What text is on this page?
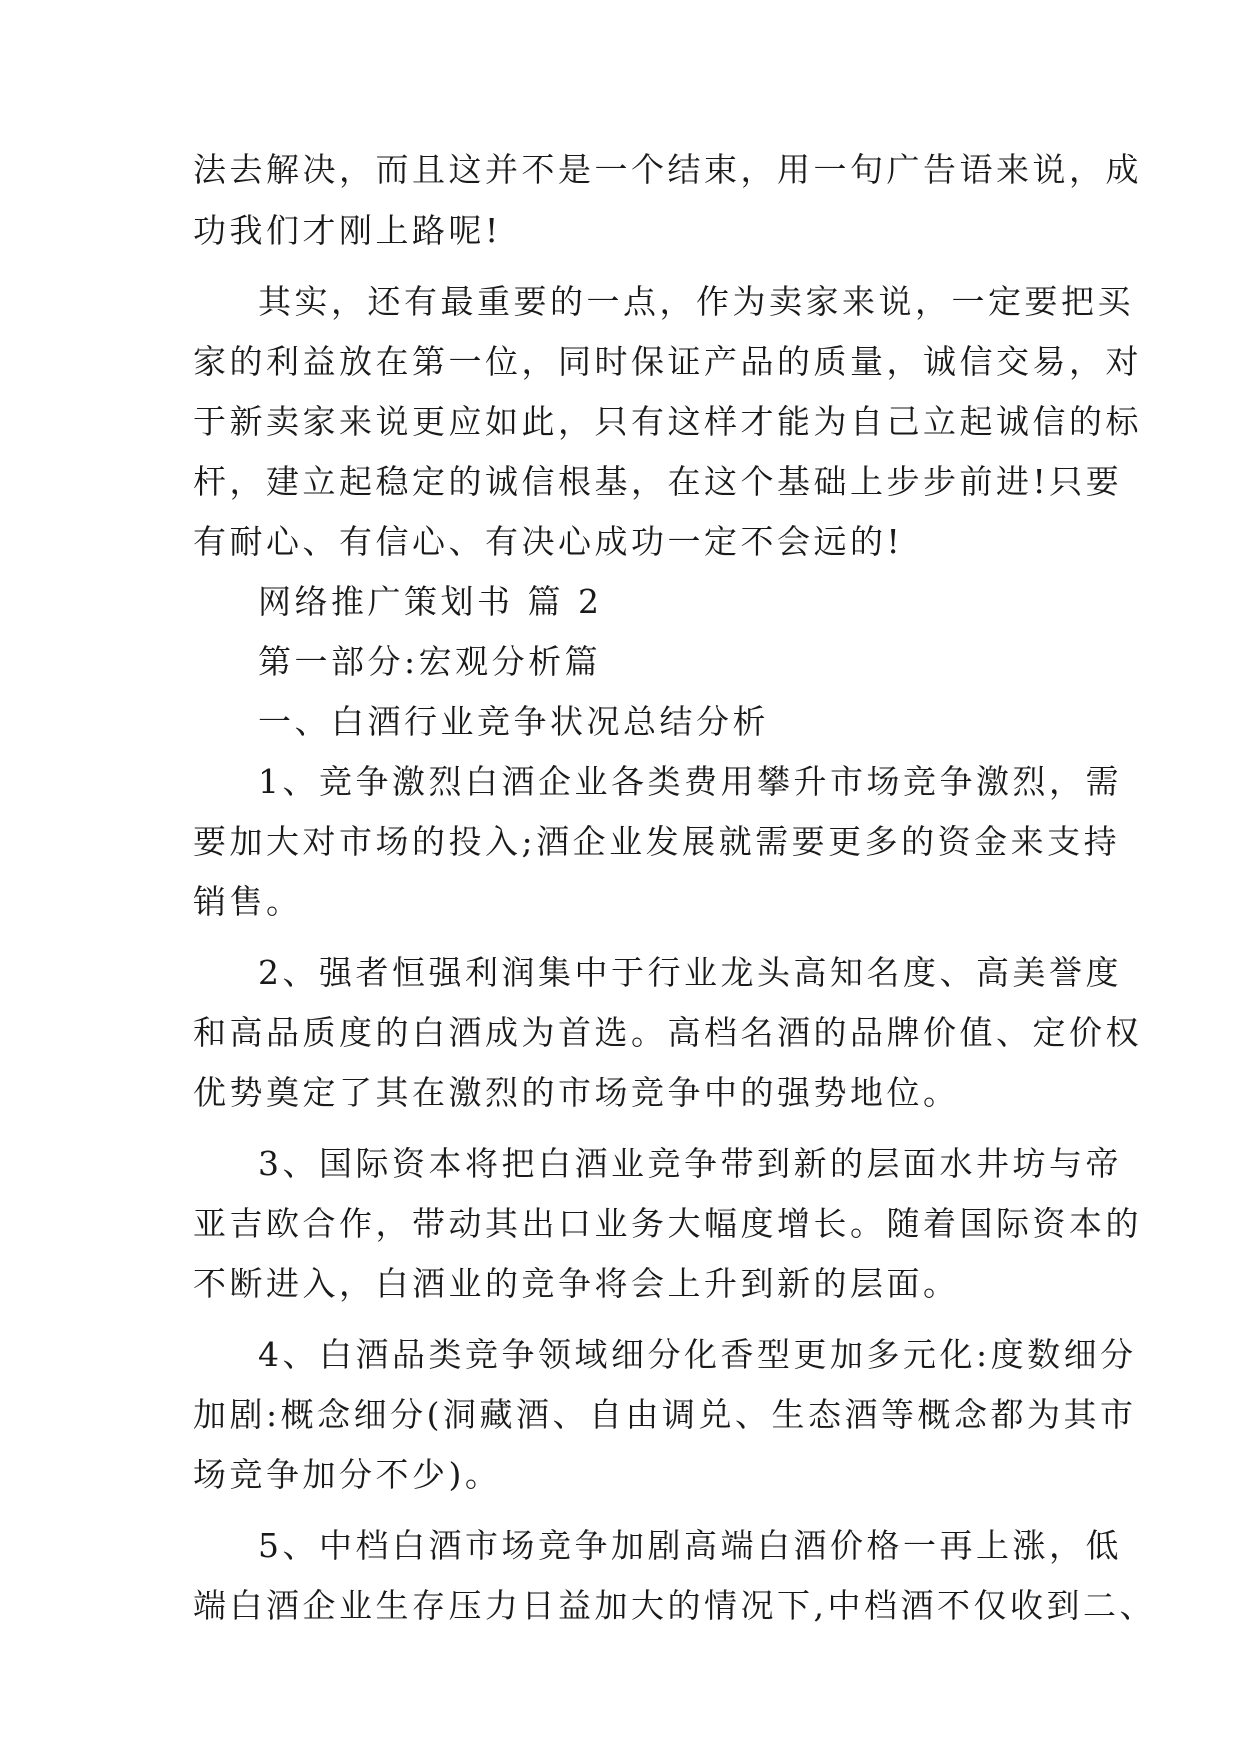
法去解决，而且这并不是一个结束，用一句广告语来说，成
功我们才刚上路呢!
其实，还有最重要的一点，作为卖家来说，一定要把买
家的利益放在第一位，同时保证产品的质量，诚信交易，对
于新卖家来说更应如此，只有这样才能为自己立起诚信的标
杆，建立起稳定的诚信根基，在这个基础上步步前进!只要
有耐心、有信心、有决心成功一定不会远的!
网络推广策划书 篇 2
第一部分:宏观分析篇
一、白酒行业竞争状况总结分析
1、竞争激烈白酒企业各类费用攀升市场竞争激烈，需
要加大对市场的投入;酒企业发展就需要更多的资金来支持
销售。
2、强者恒强利润集中于行业龙头高知名度、高美誉度
和高品质度的白酒成为首选。高档名酒的品牌价值、定价权
优势奠定了其在激烈的市场竞争中的强势地位。
3、国际资本将把白酒业竞争带到新的层面水井坊与帝
亚吉欧合作，带动其出口业务大幅度增长。随着国际资本的
不断进入，白酒业的竞争将会上升到新的层面。
4、白酒品类竞争领域细分化香型更加多元化:度数细分
加剧:概念细分(洞藏酒、自由调兑、生态酒等概念都为其市
场竞争加分不少)。
5、中档白酒市场竞争加剧高端白酒价格一再上涨，低
端白酒企业生存压力日益加大的情况下,中档酒不仅收到二、
